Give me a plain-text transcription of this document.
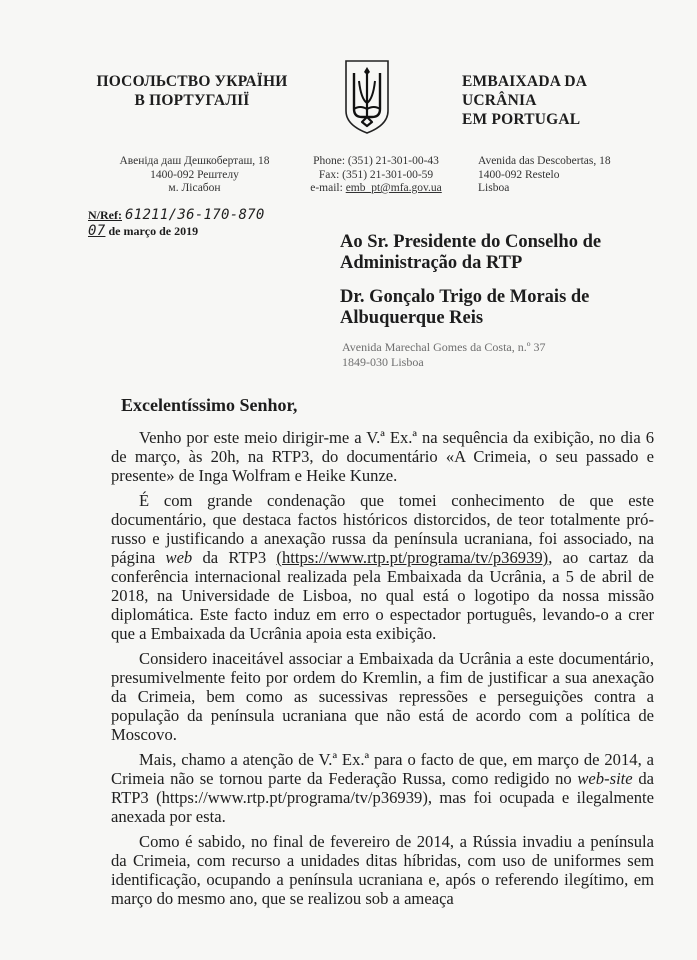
ПОСОЛЬСТВО УКРАЇНИ
В ПОРТУГАЛІЇ
EMBAIXADA DA UCRÂNIA
EM PORTUGAL
Авеніда даш Дешкоберташ, 18
1400-092 Рештелу
м. Лісабон
Phone: (351) 21-301-00-43
Fax: (351) 21-301-00-59
e-mail: emb_pt@mfa.gov.ua
Avenida das Descobertas, 18
1400-092 Restelo
Lisboa
N/Ref: 61211/36-170-870
07 de março de 2019

Ao Sr. Presidente do Conselho de Administração da RTP

Dr. Gonçalo Trigo de Morais de Albuquerque Reis

Avenida Marechal Gomes da Costa, n.º 37
1849-030 Lisboa
Excelentíssimo Senhor,

Venho por este meio dirigir-me a V.ª Ex.ª na sequência da exibição, no dia 6 de março, às 20h, na RTP3, do documentário «A Crimeia, o seu passado e presente» de Inga Wolfram e Heike Kunze.

É com grande condenação que tomei conhecimento de que este documentário, que destaca factos históricos distorcidos, de teor totalmente pró-russo e justificando a anexação russa da península ucraniana, foi associado, na página web da RTP3 (https://www.rtp.pt/programa/tv/p36939), ao cartaz da conferência internacional realizada pela Embaixada da Ucrânia, a 5 de abril de 2018, na Universidade de Lisboa, no qual está o logotipo da nossa missão diplomática. Este facto induz em erro o espectador português, levando-o a crer que a Embaixada da Ucrânia apoia esta exibição.

Considero inaceitável associar a Embaixada da Ucrânia a este documentário, presumivelmente feito por ordem do Kremlin, a fim de justificar a sua anexação da Crimeia, bem como as sucessivas repressões e perseguições contra a população da península ucraniana que não está de acordo com a política de Moscovo.

Mais, chamo a atenção de V.ª Ex.ª para o facto de que, em março de 2014, a Crimeia não se tornou parte da Federação Russa, como redigido no web-site da RTP3 (https://www.rtp.pt/programa/tv/p36939), mas foi ocupada e ilegalmente anexada por esta.

Como é sabido, no final de fevereiro de 2014, a Rússia invadiu a península da Crimeia, com recurso a unidades ditas híbridas, com uso de uniformes sem identificação, ocupando a península ucraniana e, após o referendo ilegítimo, em março do mesmo ano, que se realizou sob a ameaça
